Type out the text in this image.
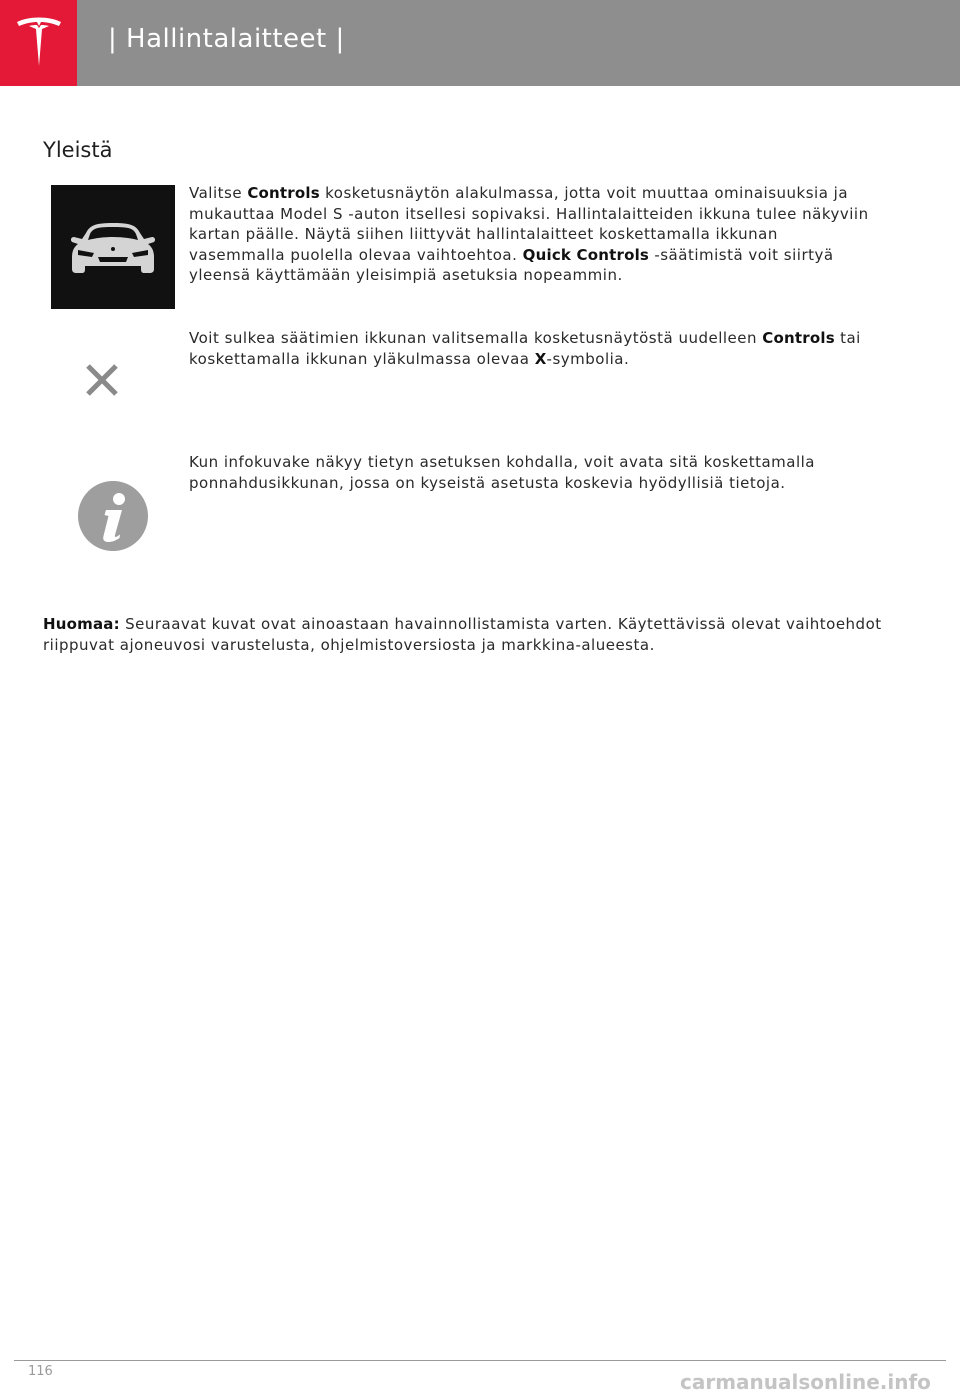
| Hallintalaitteet |
Yleistä
Valitse Controls kosketusnäytön alakulmassa, jotta voit muuttaa ominaisuuksia ja mukauttaa Model S -auton itsellesi sopivaksi. Hallintalaitteiden ikkuna tulee näkyviin kartan päälle. Näytä siihen liittyvät hallintalaitteet koskettamalla ikkunan vasemmalla puolella olevaa vaihtoehtoa. Quick Controls -säätimistä voit siirtyä yleensä käyttämään yleisimpiä asetuksia nopeammin.
Voit sulkea säätimien ikkunan valitsemalla kosketusnäytöstä uudelleen Controls tai koskettamalla ikkunan yläkulmassa olevaa X-symbolia.
Kun infokuvake näkyy tietyn asetuksen kohdalla, voit avata sitä koskettamalla ponnahdusikkunan, jossa on kyseistä asetusta koskevia hyödyllisiä tietoja.
Huomaa: Seuraavat kuvat ovat ainoastaan havainnollistamista varten. Käytettävissä olevat vaihtoehdot riippuvat ajoneuvosi varustelusta, ohjelmistoversiosta ja markkina-alueesta.
116	carmanualsonline.info
